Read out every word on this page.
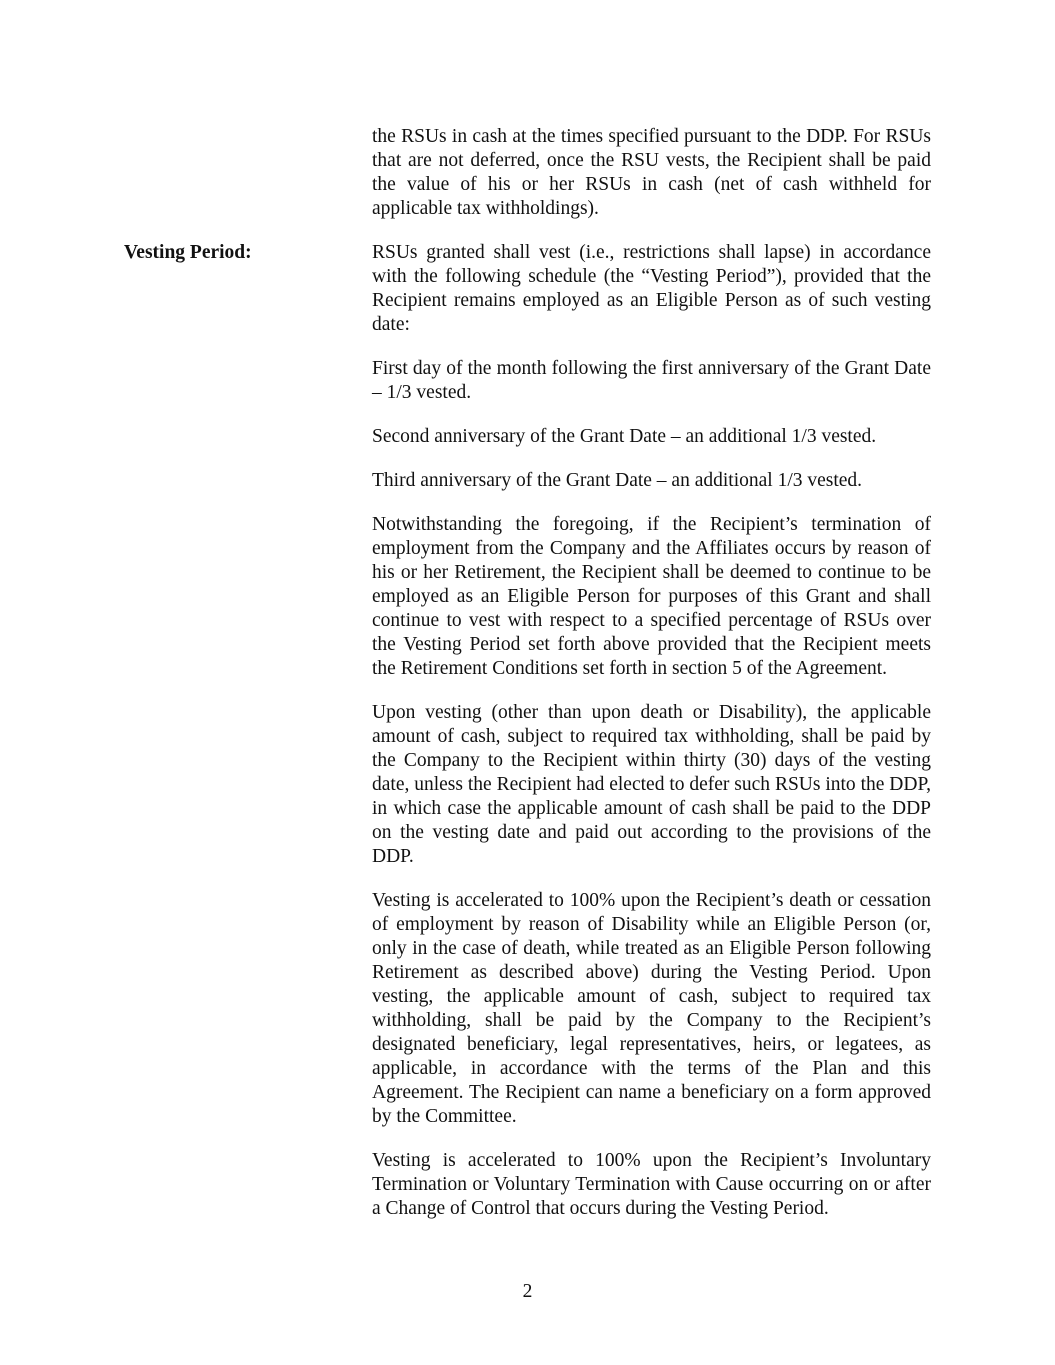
Vesting Period:

the RSUs in cash at the times specified pursuant to the DDP. For RSUs that are not deferred, once the RSU vests, the Recipient shall be paid the value of his or her RSUs in cash (net of cash withheld for applicable tax withholdings).

RSUs granted shall vest (i.e., restrictions shall lapse) in accordance with the following schedule (the “Vesting Period”), provided that the Recipient remains employed as an Eligible Person as of such vesting date:

First day of the month following the first anniversary of the Grant Date – 1/3 vested.

Second anniversary of the Grant Date – an additional 1/3 vested.

Third anniversary of the Grant Date – an additional 1/3 vested.

Notwithstanding the foregoing, if the Recipient’s termination of employment from the Company and the Affiliates occurs by reason of his or her Retirement, the Recipient shall be deemed to continue to be employed as an Eligible Person for purposes of this Grant and shall continue to vest with respect to a specified percentage of RSUs over the Vesting Period set forth above provided that the Recipient meets the Retirement Conditions set forth in section 5 of the Agreement.

Upon vesting (other than upon death or Disability), the applicable amount of cash, subject to required tax withholding, shall be paid by the Company to the Recipient within thirty (30) days of the vesting date, unless the Recipient had elected to defer such RSUs into the DDP, in which case the applicable amount of cash shall be paid to the DDP on the vesting date and paid out according to the provisions of the DDP.

Vesting is accelerated to 100% upon the Recipient’s death or cessation of employment by reason of Disability while an Eligible Person (or, only in the case of death, while treated as an Eligible Person following Retirement as described above) during the Vesting Period. Upon vesting, the applicable amount of cash, subject to required tax withholding, shall be paid by the Company to the Recipient’s designated beneficiary, legal representatives, heirs, or legatees, as applicable, in accordance with the terms of the Plan and this Agreement. The Recipient can name a beneficiary on a form approved by the Committee.

Vesting is accelerated to 100% upon the Recipient’s Involuntary Termination or Voluntary Termination with Cause occurring on or after a Change of Control that occurs during the Vesting Period.

2
